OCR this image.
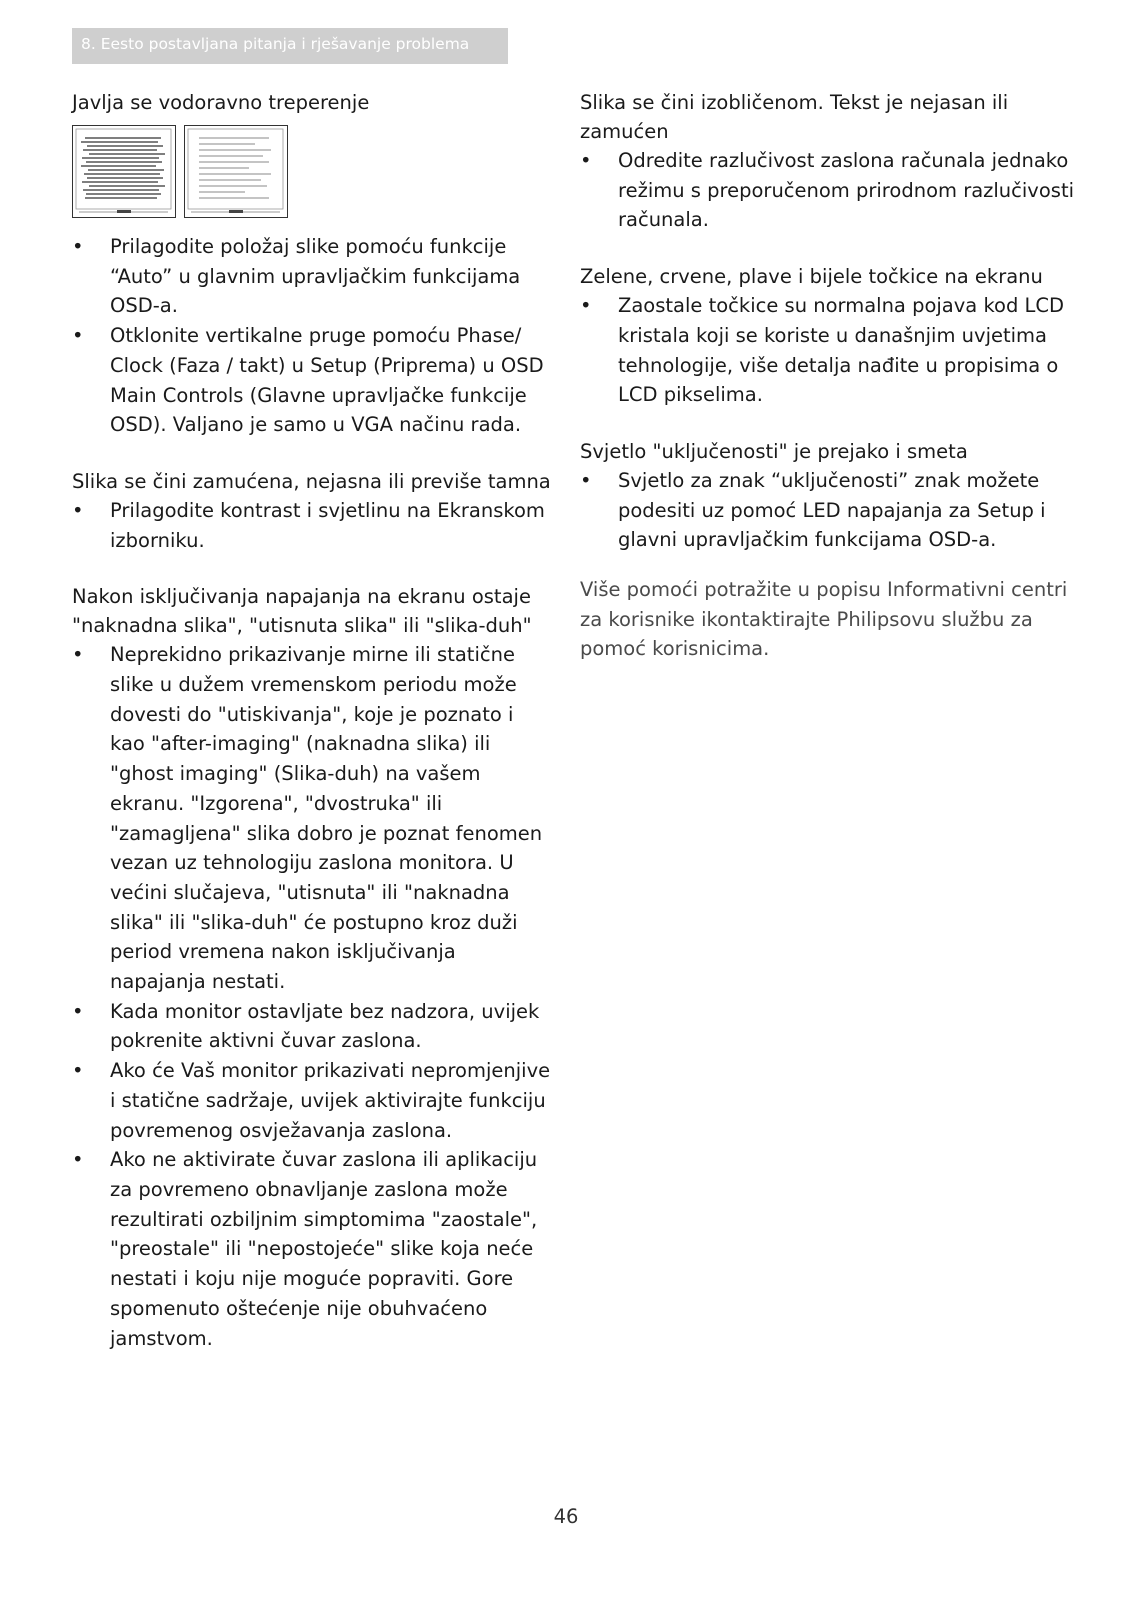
8. Eesto postavljana pitanja i rješavanje problema
Javlja se vodoravno treperenje
• Prilagodite položaj slike pomoću funkcije “Auto” u glavnim upravljačkim funkcijama OSD-a.
• Otklonite vertikalne pruge pomoću Phase/ Clock (Faza / takt) u Setup (Priprema) u OSD Main Controls (Glavne upravljačke funkcije OSD). Valjano je samo u VGA načinu rada.
Slika se čini zamućena, nejasna ili previše tamna
• Prilagodite kontrast i svjetlinu na Ekranskom izborniku.
Nakon isključivanja napajanja na ekranu ostaje "naknadna slika", "utisnuta slika" ili "slika-duh"
• Neprekidno prikazivanje mirne ili statične slike u dužem vremenskom periodu može dovesti do "utiskivanja", koje je poznato i kao "after-imaging" (naknadna slika) ili "ghost imaging" (Slika-duh) na vašem ekranu. "Izgorena", "dvostruka" ili "zamagljena" slika dobro je poznat fenomen vezan uz tehnologiju zaslona monitora. U većini slučajeva, "utisnuta" ili "naknadna slika" ili "slika-duh" će postupno kroz duži period vremena nakon isključivanja napajanja nestati.
• Kada monitor ostavljate bez nadzora, uvijek pokrenite aktivni čuvar zaslona.
• Ako će Vaš monitor prikazivati nepromjenjive i statične sadržaje, uvijek aktivirajte funkciju povremenog osvježavanja zaslona.
• Ako ne aktivirate čuvar zaslona ili aplikaciju za povremeno obnavljanje zaslona može rezultirati ozbiljnim simptomima "zaostale", "preostale" ili "nepostojeće" slike koja neće nestati i koju nije moguće popraviti. Gore spomenuto oštećenje nije obuhvaćeno jamstvom.
Slika se čini izobličenom. Tekst je nejasan ili zamućen
• Odredite razlučivost zaslona računala jednako režimu s preporučenom prirodnom razlučivosti računala.
Zelene, crvene, plave i bijele točkice na ekranu
• Zaostale točkice su normalna pojava kod LCD kristala koji se koriste u današnjim uvjetima tehnologije, više detalja nađite u propisima o LCD pikselima.
Svjetlo "uključenosti" je prejako i smeta
• Svjetlo za znak “uključenosti” znak možete podesiti uz pomoć LED napajanja za Setup i glavni upravljačkim funkcijama OSD-a.

Više pomoći potražite u popisu Informativni centri za korisnike ikontaktirajte Philipsovu službu za pomoć korisnicima.

46
